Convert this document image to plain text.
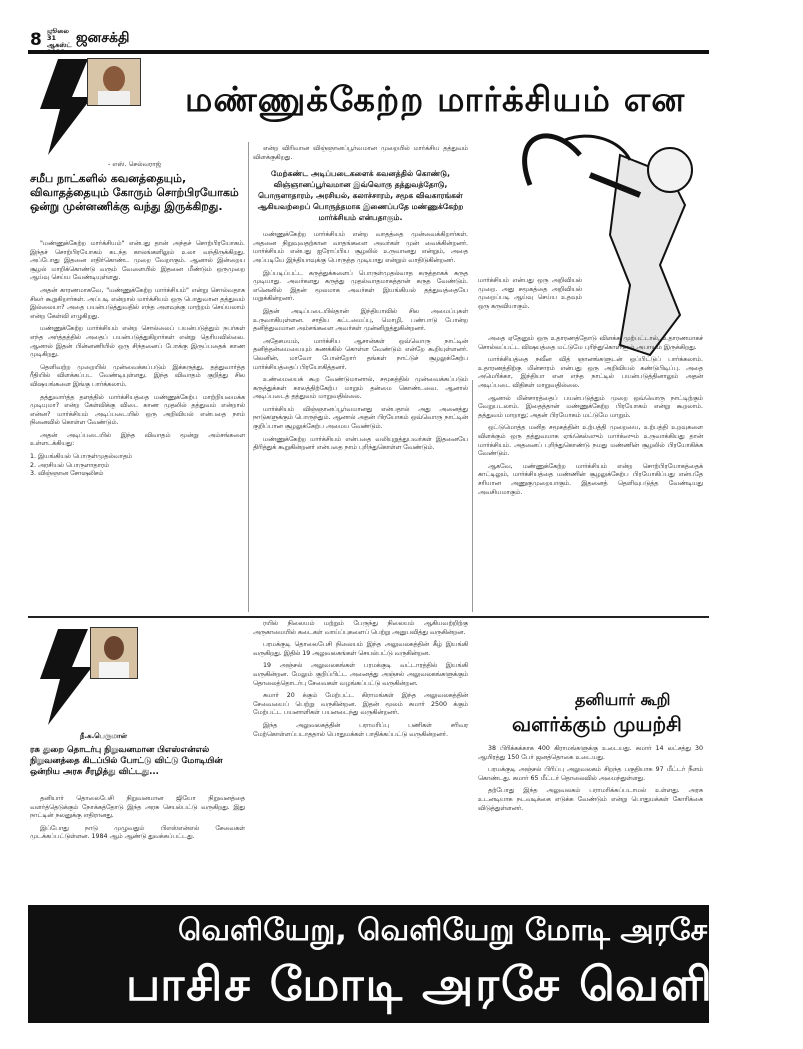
8 ஜூலை 31 ஆகஸ்ட் ஜனசக்தி
- எஸ். செல்வராஜ்
மண்ணுக்கேற்ற மார்க்சியம் என
சமீப நாட்களில் கவனத்தையும், விவாதத்தையும் கோரும் சொற்பிரயோகம் ஒன்று முன்னணிக்கு வந்து இருக்கிறது.

"மண்ணுக்கேற்ற மார்க்சியம்" என்பது தான் அந்தச் சொற்பிரயோகம். இந்தச் சொற்பிரயோகம் கடந்த காலங்களிலும் உலா வந்திருக்கிறது. அப்போது இதனை எதிர்கொண்ட முறை வேறாகும். ஆனால் இன்றைய சூழல் மாறிக்கொண்டு வரும் வேளையில் இதனை மீண்டும் ஒருமுறை ஆய்வு செய்ய வேண்டியுள்ளது.

அதன் காரணமாகவே, "மண்ணுக்கேற்ற மார்க்சியம்" என்று சொல்வதாக சிலர் கூறுகிறார்கள். அப்படி என்றால் மார்க்சியம் ஒரு பொதுவான தத்துவம் இல்லையா? அதை பயன்படுத்துவதில் எந்த அளவுக்கு மாற்றம் செய்யலாம் என்ற கேள்வி எழுகிறது.

மண்ணுக்கேற்ற மார்க்சியம் என்ற சொல்லைப் பயன்படுத்தும் நபர்கள் எந்த அர்த்தத்தில் அதைப் பயன்படுத்துகிறார்கள் என்று தெரியவில்லை. ஆனால் இதன் பின்னணியில் ஒரு சிந்தனைப் போக்கு இருப்பதைக் காண முடிகிறது.

தெளிவற்ற முறையில் முன்வைக்கப்படும் இக்கருத்து, தத்துவார்த்த ரீதியில் விளக்கப்பட வேண்டியுள்ளது. இந்த விவாதம் குறித்து சில விஷயங்களை இங்கு பார்க்கலாம்.

தத்துவார்த்த தளத்தில் மார்க்சியத்தை மண்ணுக்கேற்ப மாற்றியமைக்க முடியுமா? என்ற கேள்விக்கு விடை காண முதலில் தத்துவம் என்றால் என்ன? மார்க்சியம் அடிப்படையில் ஒரு அறிவியல் என்பதை நாம் நினைவில் கொள்ள வேண்டும்.

அதன் அடிப்படையில் இந்த விவாதம் மூன்று அம்சங்களை உள்ளடக்கியது:

1. இயங்கியல் பொருள்முதல்வாதம்
2. அரசியல் பொருளாதாரம்
3. விஞ்ஞான சோஷலிசம்

என்ற விரிவான விஞ்ஞானப்பூர்வமான முறையில் மார்க்சிய தத்துவம் விளக்குகிறது.

மேற்கண்ட அடிப்படைகளைக் கவனத்தில் கொண்டு, விஞ்ஞானப்பூர்வமான இவ்வொரு தத்துவத்தோடு, பொருளாதாரம், அரசியல், கலாச்சாரம், சமூக விவகாரங்கள் ஆகியவற்றைப் பொருத்தமாக இணைப்பதே மண்ணுக்கேற்ற மார்க்சியம் என்பதாகும்.

மண்ணுக்கேற்ற மார்க்சியம் என்ற வாதத்தை முன்வைக்கிறார்கள். அதனை நிறுவுவதற்கான வாதங்களை அவர்கள் முன் வைக்கின்றனர். மார்க்சியம் என்பது ஐரோப்பிய சூழலில் உருவானது என்றும், அதை அப்படியே இந்தியாவுக்கு பொருத்த முடியாது என்றும் வாதிடுகின்றனர்.

இப்படிப்பட்ட கருத்துக்களைப் பொருள்முதல்வாத கருத்தாகக் கருத முடியாது. அவர்களது கருத்து முதல்வாதமாகத்தான் கருத வேண்டும். எனெனில் இதன் மூலமாக அவர்கள் இயங்கியல் தத்துவத்தையே மறுக்கின்றனர்.

இதன் அடிப்படையில்தான் இந்தியாவில் சில அமைப்புகள் உருவாகியுள்ளன. சாதிய கட்டமைப்பு, மொழி, பண்பாடு போன்ற தனித்துவமான அம்சங்களை அவர்கள் முன்னிறுத்துகின்றனர்.

அதேசமயம், மார்க்சிய ஆசான்கள் ஒவ்வொரு நாட்டின் தனித்தன்மையையும் கணக்கில் கொள்ள வேண்டும் என்றே கூறியுள்ளனர். லெனின், மாவோ போன்றோர் தங்கள் நாட்டுச் சூழலுக்கேற்ப மார்க்சியத்தைப் பிரயோகித்தனர்.

உண்மையைக் கூற வேண்டுமானால், சமூகத்தில் முன்வைக்கப்படும் கருத்துக்கள் காலத்திற்கேற்ப மாறும் தன்மை கொண்டவை. ஆனால் அடிப்படைத் தத்துவம் மாறுவதில்லை.

மார்க்சியம் விஞ்ஞானப்பூர்வமானது என்பதால் அது அனைத்து நாடுகளுக்கும் பொருந்தும். ஆனால் அதன் பிரயோகம் ஒவ்வொரு நாட்டின் குறிப்பான சூழலுக்கேற்ப அமைய வேண்டும்.

மண்ணுக்கேற்ற மார்க்சியம் என்பதை வலியுறுத்துபவர்கள் இதனையே திரித்துக் கூறுகின்றனர் என்பதை நாம் புரிந்துகொள்ள வேண்டும்.

மார்க்சியம் என்பது ஒரு அறிவியல் முறை. அது சமூகத்தை அறிவியல் முறைப்படி ஆய்வு செய்ய உதவும் ஒரு கருவியாகும்.

அதை ஏதேனும் ஒரு உதாரணத்தோடு விளக்க முற்பட்டால், உதாரணமாகச் சொல்லப்பட்ட விஷயத்தை மட்டுமே புரிந்துகொள்ளும் அபாயம் இருக்கிறது.

மார்க்சியத்தை நவீன வித் ஞானங்களுடன் ஒப்பிட்டுப் பார்க்கலாம். உதாரணத்திற்கு மின்சாரம் என்பது ஒரு அறிவியல் கண்டுபிடிப்பு. அதை அமெரிக்கா, இந்தியா என எந்த நாட்டில் பயன்படுத்தினாலும் அதன் அடிப்படை விதிகள் மாறுவதில்லை.

ஆனால் மின்சாரத்தைப் பயன்படுத்தும் முறை ஒவ்வொரு நாட்டிற்கும் வேறுபடலாம். இதைத்தான் மண்ணுக்கேற்ற பிரயோகம் என்று கூறலாம். தத்துவம் மாறாது; அதன் பிரயோகம் மட்டுமே மாறும்.

ஒட்டுமொத்த மனித சமூகத்தின் உற்பத்தி முறையை, உற்பத்தி உறவுகளை விளக்கும் ஒரு தத்துவமாக ஏங்கெல்ஸும் மார்க்ஸும் உருவாக்கியது தான் மார்க்சியம். அதனைப் புரிந்துகொண்டு நமது மண்ணின் சூழலில் பிரயோகிக்க வேண்டும்.

ஆகவே, மண்ணுக்கேற்ற மார்க்சியம் என்ற சொற்பிரயோகத்தைக் காட்டிலும், மார்க்சியத்தை மண்ணின் சூழலுக்கேற்ப பிரயோகிப்பது என்பதே சரியான அணுகுமுறையாகும். இதனைத் தெளிவுபடுத்த வேண்டியது அவசியமாகும்.

நீ.க.பெருமாள்
ரசு துறை தொடர்பு நிறுவனமான பிஎஸ்என்எல் நிறுவனத்தை கிடப்பில் போட்டு விட்டு மோடியின் ஒன்றிய அரசு சீரழித்து விட்டது...

தனியார் தொலைபேசி நிறுவனமான ஜியோ நிறுவனத்தை வளர்த்தெடுக்கும் நோக்கத்தோடு இந்த அரசு செயல்பட்டு வருகிறது. இது நாட்டின் நலனுக்கு எதிரானது.

இப்போது நாடு முழுவதும் பிஎஸ்என்எல் சேவைகள் முடக்கப்பட்டுள்ளன. 1984 ஆம் ஆண்டு துவக்கப்பட்டது.

ரயில் நிலையம் மற்றும் பேருந்து நிலையம் ஆகியவற்றிற்கு அருகாமையில் கடைகள் வாய்ப்புகளைப் பெற்று அனுபவித்து வருகின்றன.

பரமக்குடி தொலைபேசி நிலையம் இந்த அலுவலகத்தின் கீழ் இயங்கி வருகிறது. இதில் 19 அலுவலகங்கள் செயல்பட்டு வருகின்றன.

19 அஞ்சல் அலுவலகங்கள் பரமக்குடி வட்டாரத்தில் இயங்கி வருகின்றன. மேலும் குறிப்பிட்ட அனைத்து அஞ்சல் அலுவலகங்களுக்கும் தொலைத்தொடர்பு சேவைகள் வழங்கப்பட்டு வருகின்றன.

சுமார் 20 க்கும் மேற்பட்ட கிராமங்கள் இந்த அலுவலகத்தின் சேவையைப் பெற்று வருகின்றன. இதன் மூலம் சுமார் 2500 க்கும் மேற்பட்ட பயனாளிகள் பயனடைந்து வருகின்றனர்.

இந்த அலுவலகத்தின் பராமரிப்பு பணிகள் சரிவர மேற்கொள்ளப்படாததால் பொதுமக்கள் பாதிக்கப்பட்டு வருகின்றனர்.

தனியார் கூறி
வளர்க்கும் முயற்சி

38 பிரிக்கக்காக 400 கிராமங்களுக்கு உடையது. சுமார் 14 லட்சத்து 30 ஆயிரத்து 150 பேர் ஜனத்தொகை உடையது.

பரமக்குடி அஞ்சல் பிரிப்பு அலுவலகம் சிறந்த பகுதியாக 97 மீட்டர் நீளம் கொண்டது. சுமார் 65 மீட்டர் தொலைவில் அமைந்துள்ளது.

தற்போது இந்த அலுவலகம் பராமரிக்கப்படாமல் உள்ளது. அரசு உடனடியாக நடவடிக்கை எடுக்க வேண்டும் என்று பொதுமக்கள் கோரிக்கை விடுத்துள்ளனர்.

வெளியேறு, வெளியேறு மோடி அரசே வெளி
பாசிச மோடி அரசே வெளி
